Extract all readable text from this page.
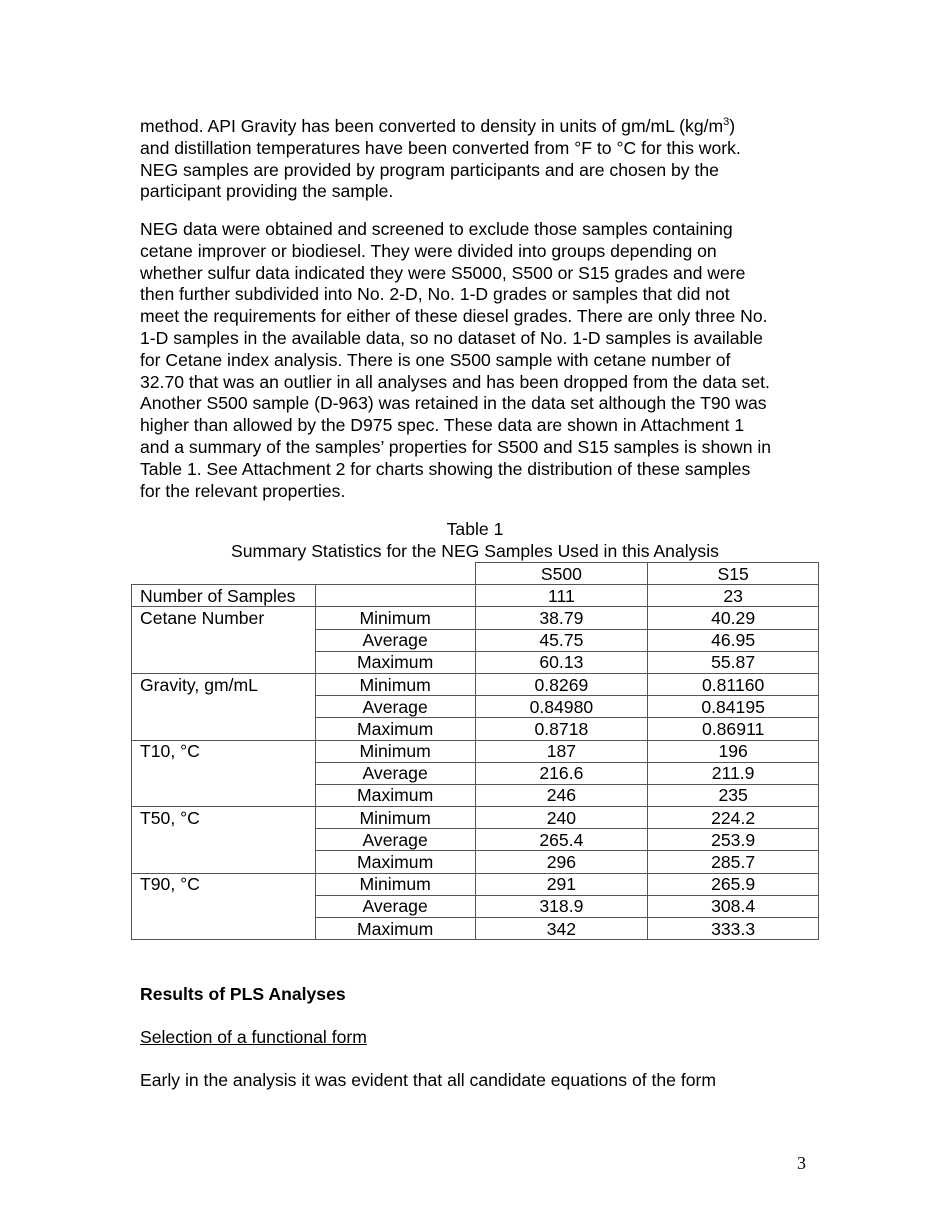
method. API Gravity has been converted to density in units of gm/mL $(kg/m^3)$
and distillation temperatures have been converted from °F to °C for this work.
NEG samples are provided by program participants and are chosen by the
participant providing the sample.
NEG data were obtained and screened to exclude those samples containing
cetane improver or biodiesel. They were divided into groups depending on
whether sulfur data indicated they were S5000, S500 or S15 grades and were
then further subdivided into No. 2-D, No. 1-D grades or samples that did not
meet the requirements for either of these diesel grades. There are only three No.
1-D samples in the available data, so no dataset of No. 1-D samples is available
for Cetane index analysis. There is one S500 sample with cetane number of
32.70 that was an outlier in all analyses and has been dropped from the data set.
Another S500 sample (D-963) was retained in the data set although the T90 was
higher than allowed by the D975 spec. These data are shown in Attachment 1
and a summary of the samples’ properties for S500 and S15 samples is shown in
Table 1. See Attachment 2 for charts showing the distribution of these samples
for the relevant properties.
Table 1
Summary Statistics for the NEG Samples Used in this Analysis
		S500	S15
Number of Samples		111	23
Cetane Number	Minimum	38.79	40.29
	Average	45.75	46.95
	Maximum	60.13	55.87
Gravity, gm/mL	Minimum	0.8269	0.81160
	Average	0.84980	0.84195
	Maximum	0.8718	0.86911
T10, °C	Minimum	187	196
	Average	216.6	211.9
	Maximum	246	235
T50, °C	Minimum	240	224.2
	Average	265.4	253.9
	Maximum	296	285.7
T90, °C	Minimum	291	265.9
	Average	318.9	308.4
	Maximum	342	333.3
Results of PLS Analyses
Selection of a functional form
Early in the analysis it was evident that all candidate equations of the form
3
